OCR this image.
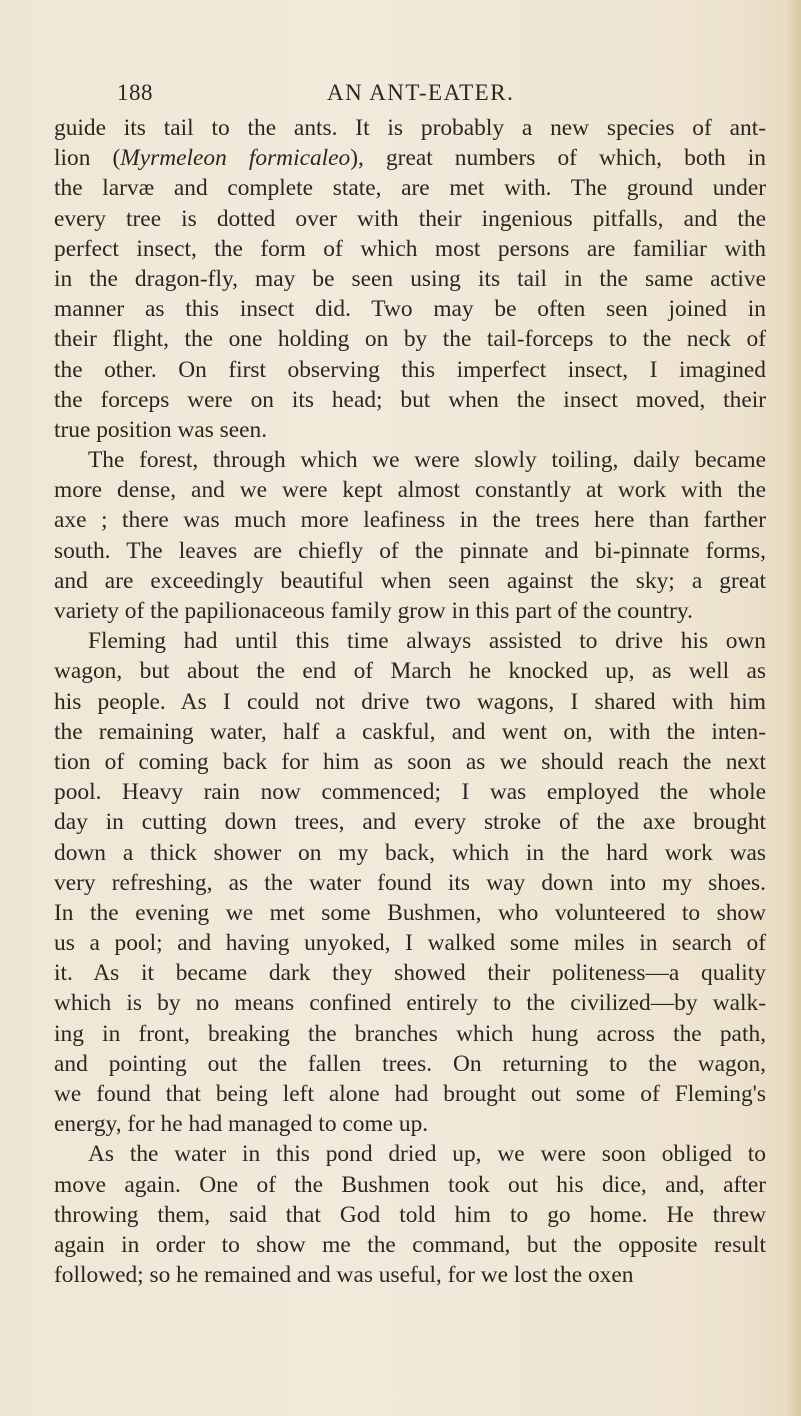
188	AN ANT-EATER.
guide its tail to the ants. It is probably a new species of ant-
lion (Myrmeleon formicaleo), great numbers of which, both in
the larvæ and complete state, are met with. The ground under
every tree is dotted over with their ingenious pitfalls, and the
perfect insect, the form of which most persons are familiar with
in the dragon-fly, may be seen using its tail in the same active
manner as this insect did. Two may be often seen joined in
their flight, the one holding on by the tail-forceps to the neck of
the other. On first observing this imperfect insect, I imagined
the forceps were on its head; but when the insect moved, their
true position was seen.
The forest, through which we were slowly toiling, daily became
more dense, and we were kept almost constantly at work with the
axe ; there was much more leafiness in the trees here than farther
south. The leaves are chiefly of the pinnate and bi-pinnate forms,
and are exceedingly beautiful when seen against the sky; a great
variety of the papilionaceous family grow in this part of the country.
Fleming had until this time always assisted to drive his own
wagon, but about the end of March he knocked up, as well as
his people. As I could not drive two wagons, I shared with him
the remaining water, half a caskful, and went on, with the inten-
tion of coming back for him as soon as we should reach the next
pool. Heavy rain now commenced; I was employed the whole
day in cutting down trees, and every stroke of the axe brought
down a thick shower on my back, which in the hard work was
very refreshing, as the water found its way down into my shoes.
In the evening we met some Bushmen, who volunteered to show
us a pool; and having unyoked, I walked some miles in search of
it. As it became dark they showed their politeness—a quality
which is by no means confined entirely to the civilized—by walk-
ing in front, breaking the branches which hung across the path,
and pointing out the fallen trees. On returning to the wagon,
we found that being left alone had brought out some of Fleming's
energy, for he had managed to come up.
As the water in this pond dried up, we were soon obliged to
move again. One of the Bushmen took out his dice, and, after
throwing them, said that God told him to go home. He threw
again in order to show me the command, but the opposite result
followed; so he remained and was useful, for we lost the oxen
